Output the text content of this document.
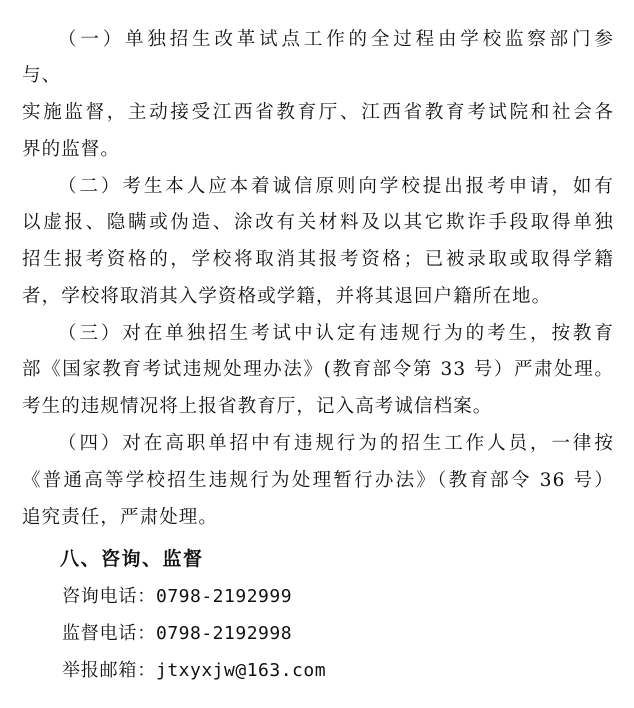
（一）单独招生改革试点工作的全过程由学校监察部门参
与、
实施监督，主动接受江西省教育厅、江西省教育考试院和社会各
界的监督。
（二）考生本人应本着诚信原则向学校提出报考申请，如有
以虚报、隐瞒或伪造、涂改有关材料及以其它欺诈手段取得单独
招生报考资格的，学校将取消其报考资格；已被录取或取得学籍
者，学校将取消其入学资格或学籍，并将其退回户籍所在地。
（三）对在单独招生考试中认定有违规行为的考生，按教育
部《国家教育考试违规处理办法》(教育部令第 33 号）严肃处理。
考生的违规情况将上报省教育厅，记入高考诚信档案。
（四）对在高职单招中有违规行为的招生工作人员，一律按
《普通高等学校招生违规行为处理暂行办法》（教育部令 36 号）
追究责任，严肃处理。
八、咨询、监督
咨询电话：0798-2192999
监督电话：0798-2192998
举报邮箱：jtxyxjw@163.com
